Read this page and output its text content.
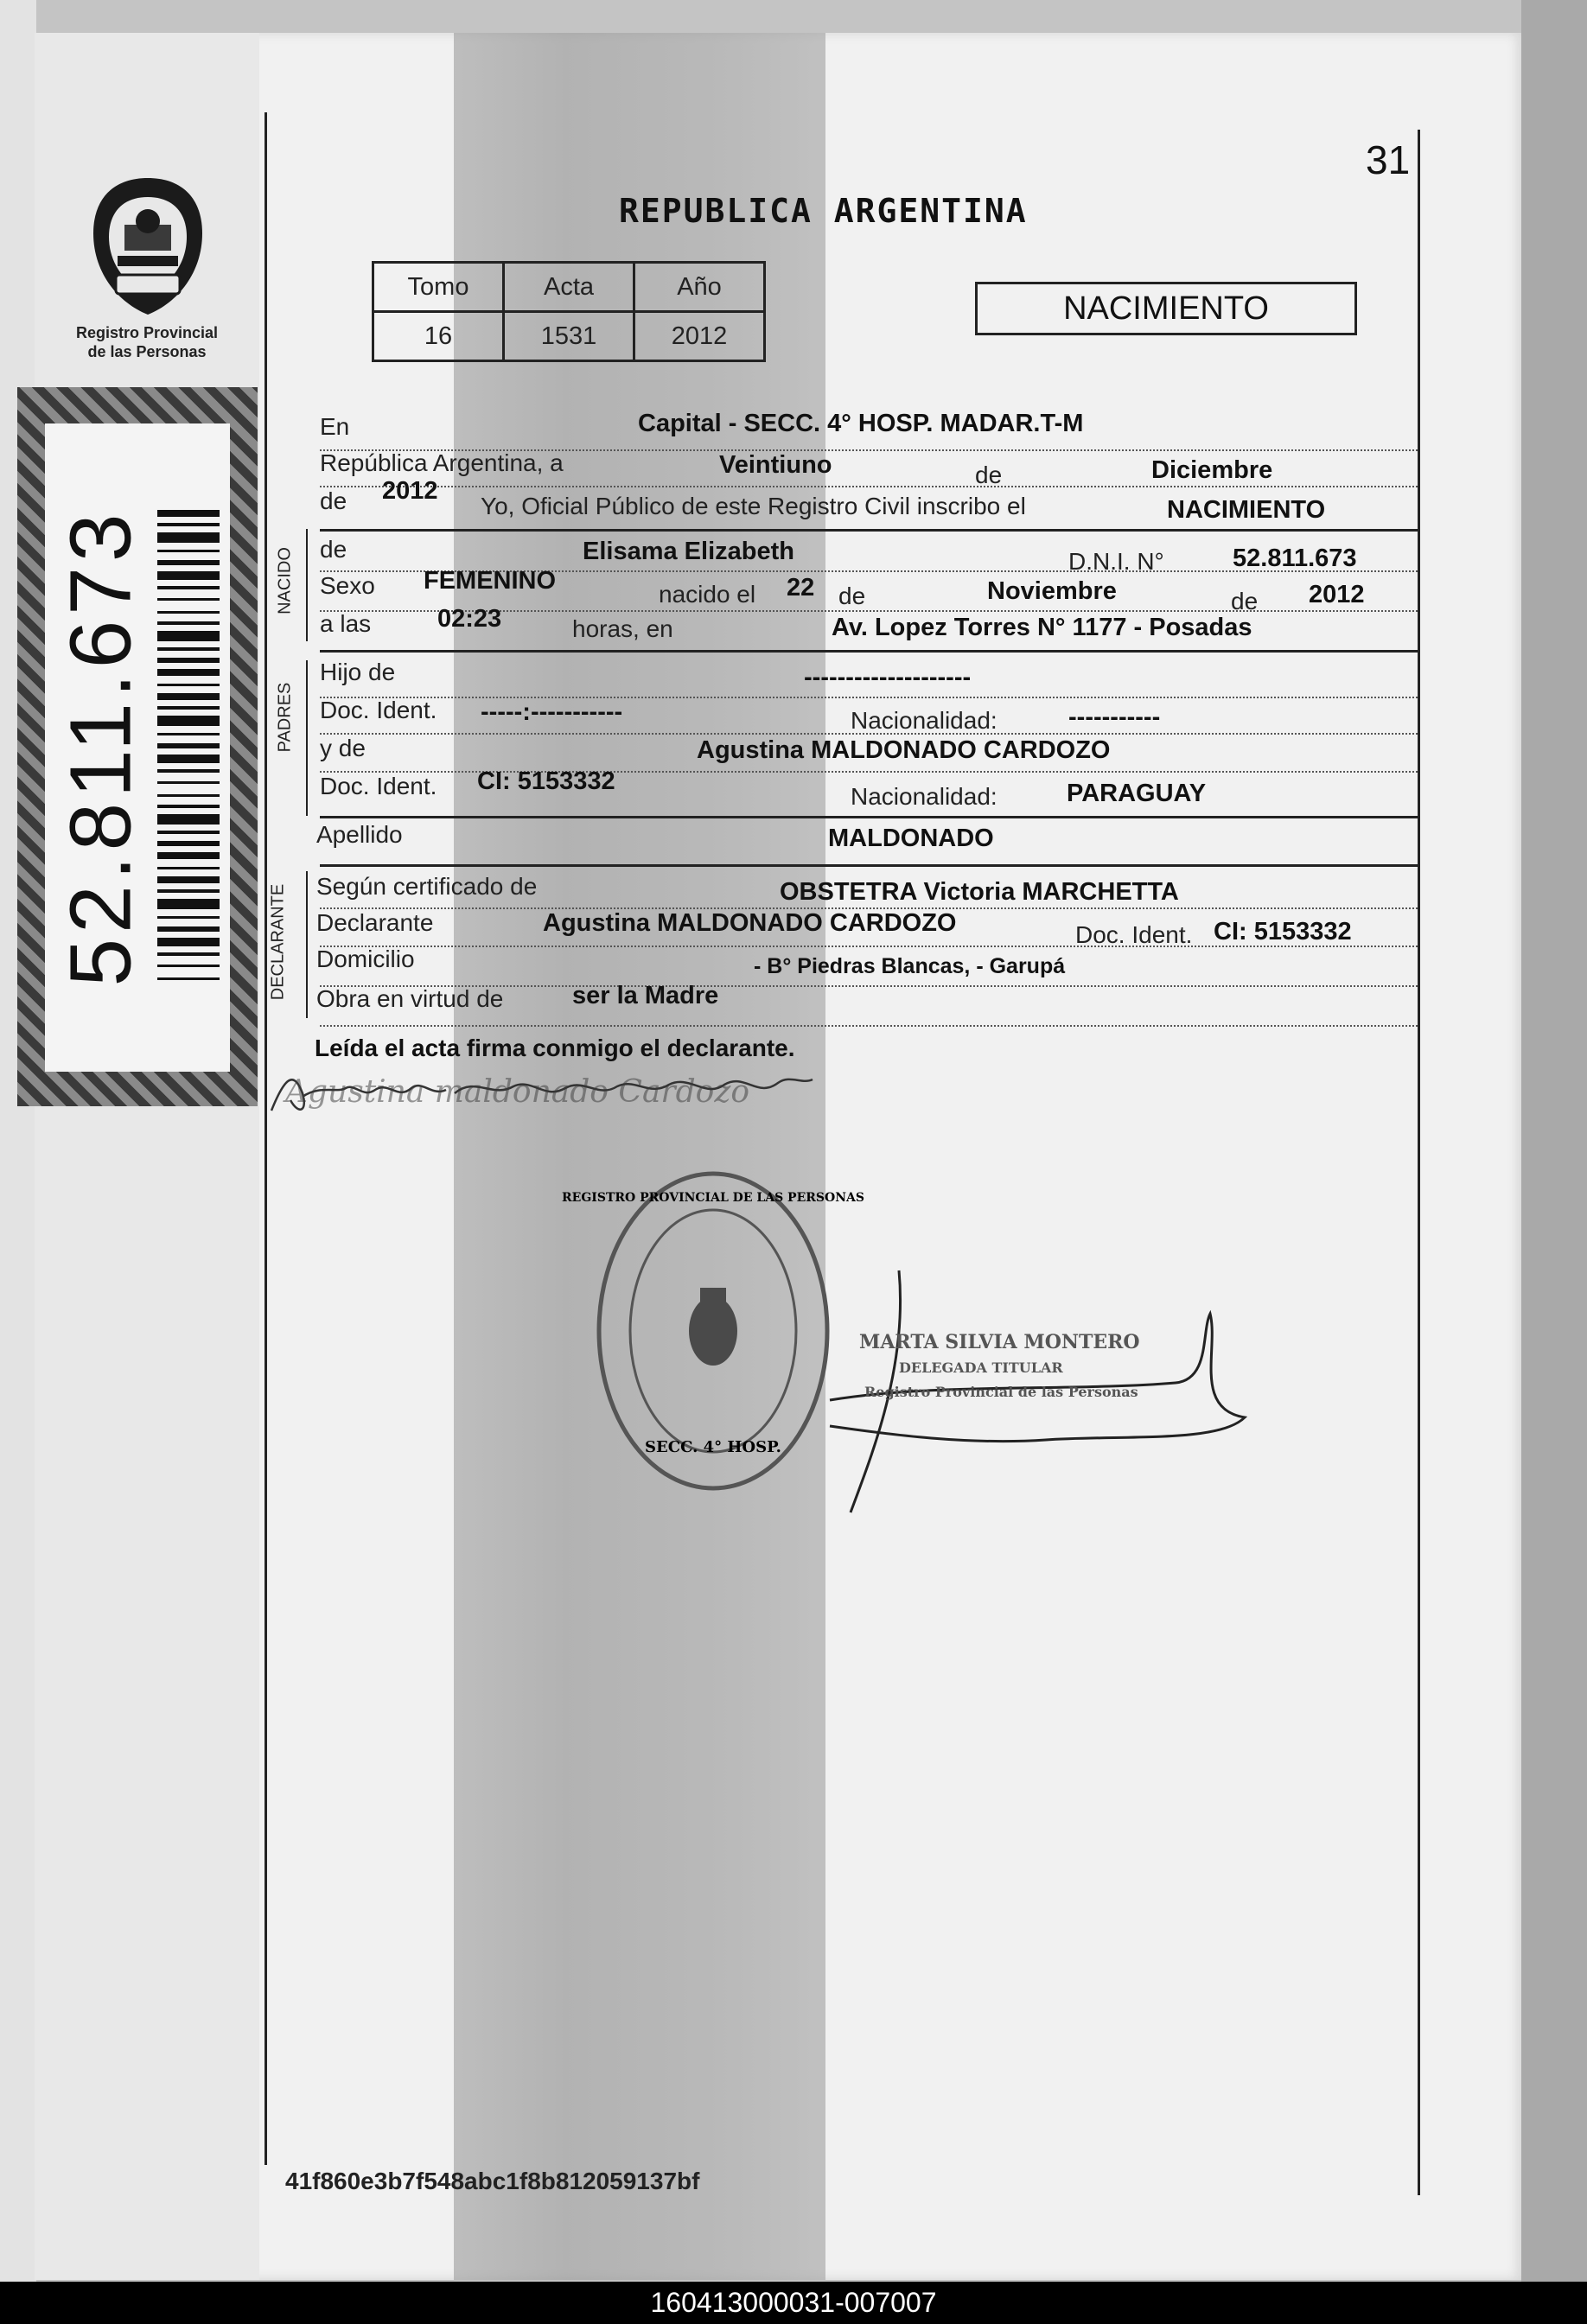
Registro Provincial
de las Personas
52.811.673
31
REPUBLICA ARGENTINA
Tomo	Acta	Año
16	1531	2012
NACIMIENTO
NACIDO
PADRES
DECLARANTE
En	Capital - SECC. 4° HOSP. MADAR.T-M
República Argentina, a	Veintiuno	de	Diciembre
de 2012
Yo, Oficial Público de este Registro Civil inscribo el	NACIMIENTO
de	Elisama Elizabeth	D.N.I. N°	52.811.673
Sexo FEMENINO	nacido el 22 de	Noviembre	de 2012
a las	02:23	horas, en	Av. Lopez Torres N° 1177 - Posadas
Hijo de	--------------------
Doc. Ident. -----:-----------	Nacionalidad:	-----------
y de	Agustina MALDONADO CARDOZO
Doc. Ident. CI: 5153332
Nacionalidad:	PARAGUAY
Apellido	MALDONADO
Según certificado de	OBSTETRA Victoria MARCHETTA
Declarante	Agustina MALDONADO CARDOZO	Doc. Ident. CI: 5153332
Domicilio	- B° Piedras Blancas, - Garupá
Obra en virtud de	ser la Madre
Leída el acta firma conmigo el declarante.
Agustina maldonado Cardozo
REGISTRO PROVINCIAL DE LAS PERSONAS
SECC. 4° HOSP.
MARTA SILVIA MONTERO
DELEGADA TITULAR
Registro Provincial de las Personas
41f860e3b7f548abc1f8b812059137bf
160413000031-007007
